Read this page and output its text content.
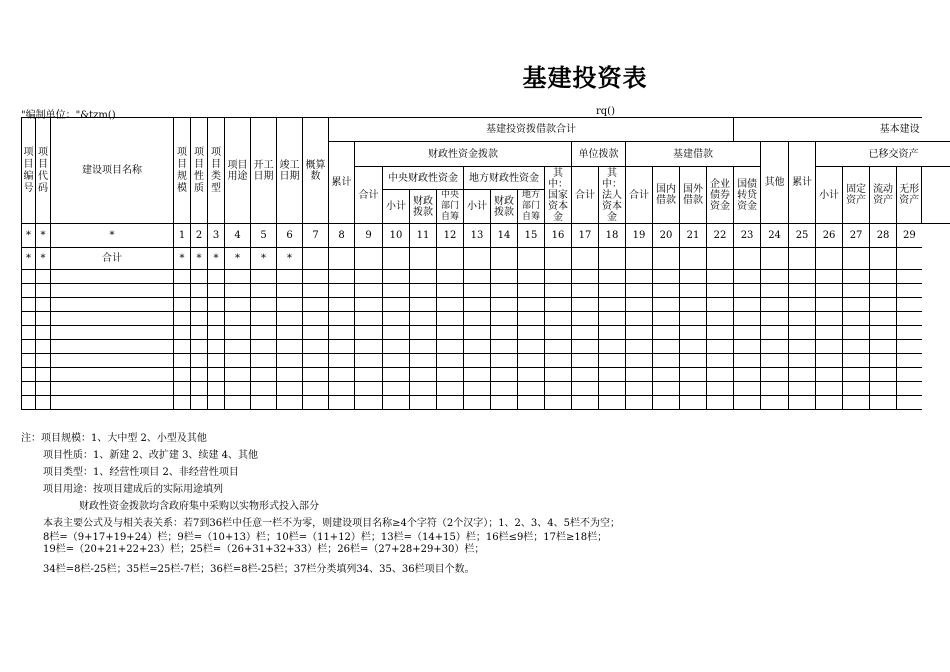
基建投资表
"编制单位："&tzm()	rq()
项目编号	项目代码	建设项目名称	项目规模	项目性质	项目类型	项目用途	开工日期	竣工日期	概算数	基建投资拨借款合计															基本建设							
										累计	财政性资金拨款								单位拨款		基建借款					其他	累计	已移交资产				
											合计	中央财政性资金			地方财政性资金			其中：国家资本金	合计	其中：法人资本金	合计	国内借款	国外借款	企业债券资金	国债转贷资金			小计	固定资产	流动资产	无形资产	
												小计	财政拨款	中央部门自筹	小计	财政拨款	地方部门自筹															
*	*	*	1	2	3	4	5	6	7	8	9	10	11	12	13	14	15	16	17	18	19	20	21	22	23	24	25	26	27	28	29	
*	*	合计	*	*	*	*	*	*																								

注：项目规模：1、大中型 2、小型及其他
项目性质：1、新建 2、改扩建 3、续建 4、其他
项目类型：1、经营性项目 2、非经营性项目
项目用途：按项目建成后的实际用途填列
财政性资金拨款均含政府集中采购以实物形式投入部分
本表主要公式及与相关表关系：若7到36栏中任意一栏不为零，则建设项目名称≥4个字符（2个汉字）；1、2、3、4、5栏不为空；
8栏=（9+17+19+24）栏；9栏=（10+13）栏；10栏=（11+12）栏；13栏=（14+15）栏；16栏≤9栏；17栏≥18栏；
19栏=（20+21+22+23）栏；25栏=（26+31+32+33）栏；26栏=（27+28+29+30）栏；
34栏=8栏-25栏；35栏=25栏-7栏；36栏=8栏-25栏；37栏分类填列34、35、36栏项目个数。
